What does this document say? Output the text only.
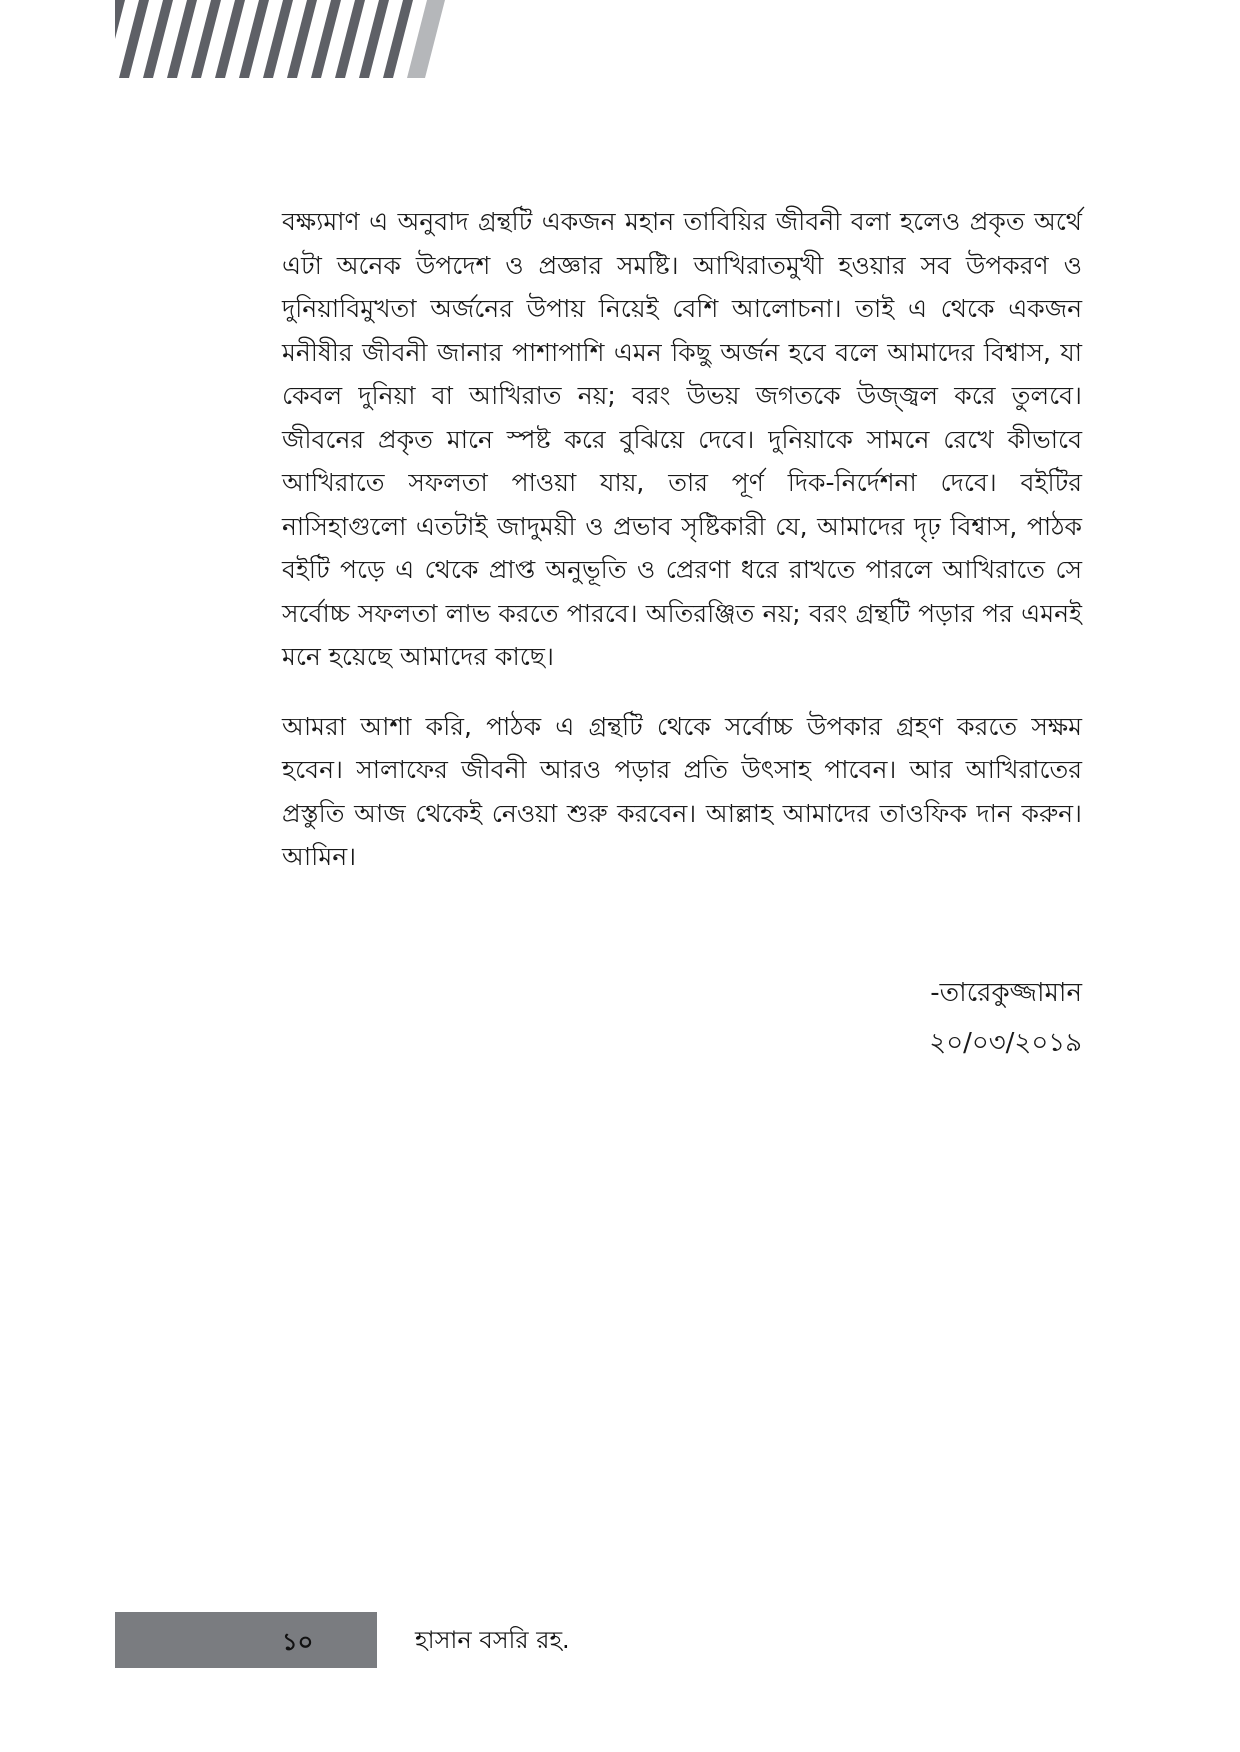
বক্ষ্যমাণ এ অনুবাদ গ্রন্থটি একজন মহান তাবিয়ির জীবনী বলা হলেও প্রকৃত অর্থে এটা অনেক উপদেশ ও প্রজ্ঞার সমষ্টি। আখিরাতমুখী হওয়ার সব উপকরণ ও দুনিয়াবিমুখতা অর্জনের উপায় নিয়েই বেশি আলোচনা। তাই এ থেকে একজন মনীষীর জীবনী জানার পাশাপাশি এমন কিছু অর্জন হবে বলে আমাদের বিশ্বাস, যা কেবল দুনিয়া বা আখিরাত নয়; বরং উভয় জগতকে উজ্জ্বল করে তুলবে। জীবনের প্রকৃত মানে স্পষ্ট করে বুঝিয়ে দেবে। দুনিয়াকে সামনে রেখে কীভাবে আখিরাতে সফলতা পাওয়া যায়, তার পূর্ণ দিক-নির্দেশনা দেবে। বইটির নাসিহাগুলো এতটাই জাদুময়ী ও প্রভাব সৃষ্টিকারী যে, আমাদের দৃঢ় বিশ্বাস, পাঠক বইটি পড়ে এ থেকে প্রাপ্ত অনুভূতি ও প্রেরণা ধরে রাখতে পারলে আখিরাতে সে সর্বোচ্চ সফলতা লাভ করতে পারবে। অতিরঞ্জিত নয়; বরং গ্রন্থটি পড়ার পর এমনই মনে হয়েছে আমাদের কাছে।

আমরা আশা করি, পাঠক এ গ্রন্থটি থেকে সর্বোচ্চ উপকার গ্রহণ করতে সক্ষম হবেন। সালাফের জীবনী আরও পড়ার প্রতি উৎসাহ পাবেন। আর আখিরাতের প্রস্তুতি আজ থেকেই নেওয়া শুরু করবেন। আল্লাহ আমাদের তাওফিক দান করুন। আমিন।

-তারেকুজ্জামান
২০/০৩/২০১৯
১০	হাসান বসরি রহ.
